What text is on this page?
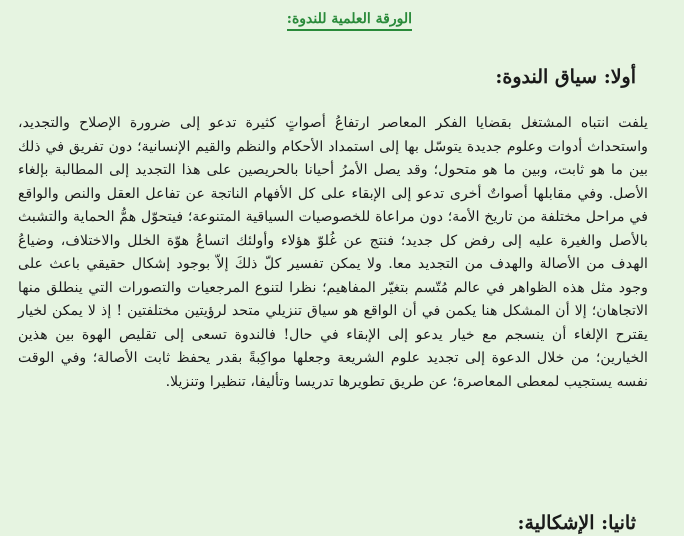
الورقة العلمية للندوة:
أولا: سياق الندوة:

يلفت انتباه المشتغل بقضايا الفكر المعاصر ارتفاعُ أصواتٍ كثيرة تدعو إلى ضرورة الإصلاح والتجديد، واستحداث أدوات وعلوم جديدة يتوسّل بها إلى استمداد الأحكام والنظم والقيم الإنسانية؛ دون تفريق في ذلك بين ما هو ثابت، وبين ما هو متحول؛ وقد يصل الأمرُ أحيانا بالحريصين على هذا التجديد إلى المطالبة بإلغاء الأصل. وفي مقابلها أصواتٌ أخرى تدعو إلى الإبقاء على كل الأفهام الناتجة عن تفاعل العقل والنص والواقع في مراحل مختلفة من تاريخ الأمة؛ دون مراعاة للخصوصيات السياقية المتنوعة؛ فيتحوّل همُّ الحماية والتشبث بالأصل والغيرة عليه إلى رفض كل جديد؛ فنتج عن غُلوّ هؤلاء وأولئك اتساعُ هوّة الخلل والاختلاف، وضياعُ الهدف من الأصالة والهدف من التجديد معا. ولا يمكن تفسير كلّ ذلكَ إلاّ بوجود إشكال حقيقي باعث على وجود مثل هذه الظواهر في عالم مُتّسم بتغيّر المفاهيم؛ نظرا لتنوع المرجعيات والتصورات التي ينطلق منها الاتجاهان؛ إلا أن المشكل هنا يكمن في أن الواقع هو سياق تنزيلي متحد لرؤيتين مختلفتين ! إذ لا يمكن لخيار يقترح الإلغاء أن ينسجم مع خيار يدعو إلى الإبقاء في حال! فالندوة تسعى إلى تقليص الهوة بين هذين الخيارين؛ من خلال الدعوة إلى تجديد علوم الشريعة وجعلها مواكِبةً بقدر يحفظ ثابت الأصالة؛ وفي الوقت نفسه يستجيب لمعطى المعاصرة؛ عن طريق تطويرها تدريسا وتأليفا، تنظيرا وتنزيلا.

ثانيا: الإشكالية:
